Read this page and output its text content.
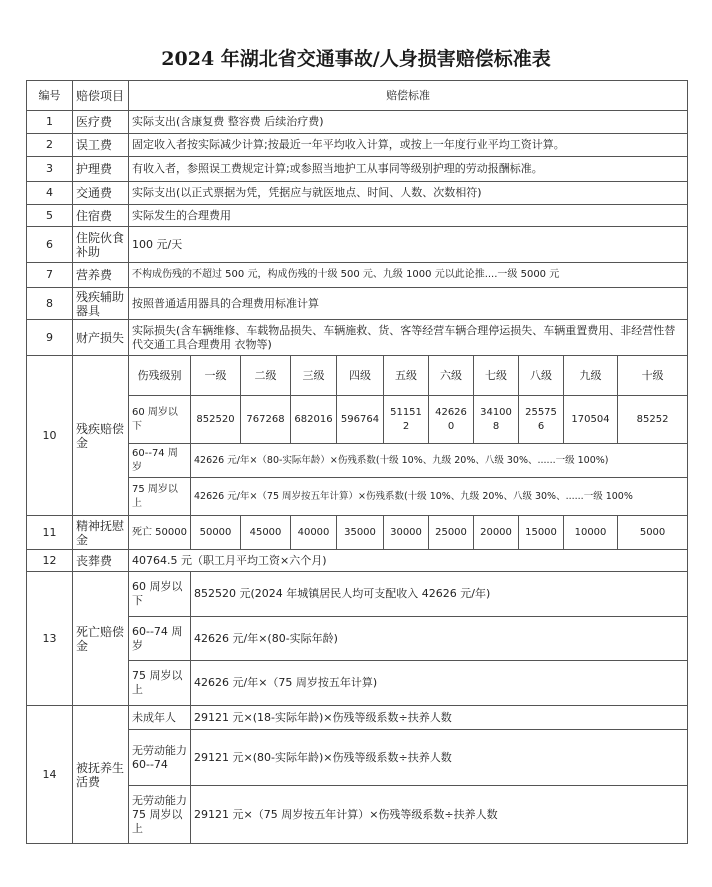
2024 年湖北省交通事故/人身损害赔偿标准表
编号	赔偿项目	赔偿标准										
1	医疗费	实际支出(含康复费 整容费 后续治疗费)										
2	误工费	固定收入者按实际减少计算;按最近一年平均收入计算，或按上一年度行业平均工资计算。										
3	护理费	有收入者，参照误工费规定计算;或参照当地护工从事同等级别护理的劳动报酬标准。										
4	交通费	实际支出(以正式票据为凭，凭据应与就医地点、时间、人数、次数相符)										
5	住宿费	实际发生的合理费用										
6	住院伙食补助	100 元/天										
7	营养费	不构成伤残的不超过 500 元，构成伤残的十级 500 元、九级 1000 元以此论推....一级 5000 元										
8	残疾辅助器具	按照普通适用器具的合理费用标准计算										
9	财产损失	实际损失(含车辆维修、车载物品损失、车辆施救、货、客等经营车辆合理停运损失、车辆重置费用、非经营性替代交通工具合理费用 衣物等)										
10	残疾赔偿金	伤残级别	一级	二级	三级	四级	五级	六级	七级	八级	九级	十级
		60 周岁以下	852520	767268	682016	596764	511512	426260	341008	255756	170504	85252
		60--74 周岁	42626 元/年×（80-实际年龄）×伤残系数(十级 10%、九级 20%、八级 30%、......一级 100%)									
		75 周岁以上	42626 元/年×（75 周岁按五年计算）×伤残系数(十级 10%、九级 20%、八级 30%、......一级 100%									
11	精神抚慰金	死亡 50000	50000	45000	40000	35000	30000	25000	20000	15000	10000	5000
12	丧葬费	40764.5 元（职工月平均工资×六个月)										
13	死亡赔偿金	60 周岁以下	852520 元(2024 年城镇居民人均可支配收入 42626 元/年)									
		60--74 周岁	42626 元/年×(80-实际年龄)									
		75 周岁以上	42626 元/年×（75 周岁按五年计算)									
14	被抚养生活费	未成年人	29121 元×(18-实际年龄)×伤残等级系数÷扶养人数									
		无劳动能力 60--74	29121 元×(80-实际年龄)×伤残等级系数÷扶养人数									
		无劳动能力 75 周岁以上	29121 元×（75 周岁按五年计算）×伤残等级系数÷扶养人数									
